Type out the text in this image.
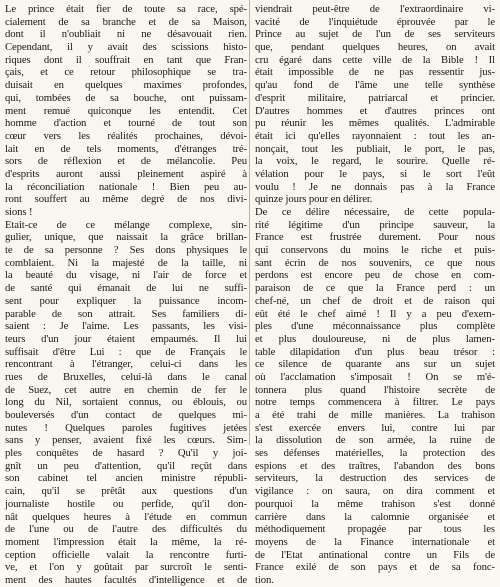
Le prince était fier de toute sa race, spé-
cialement de sa branche et de sa Maison,
dont il n'oubliait ni ne désavouait rien.
Cependant, il y avait des scissions histo-
riques dont il souffrait en tant que Fran-
çais, et ce retour philosophique se tra-
duisait en quelques maximes profondes,
qui, tombées de sa bouche, ont puissam-
ment remué quiconque les entendit. Cet
homme d'action et tourné de tout son
cœur vers les réalités prochaines, dévoi-
lait en de tels moments, d'étranges tré-
sors de réflexion et de mélancolie. Peu
d'esprits auront aussi pleinement aspiré à
la réconciliation nationale ! Bien peu au-
ront souffert au même degré de nos divi-
sions !
Etait-ce de ce mélange complexe, sin-
gulier, unique, que naissait la grâce brillan-
te de sa personne ? Ses dons physiques le
comblaient. Ni la majesté de la taille, ni
la beauté du visage, ni l'air de force et
de santé qui émanait de lui ne suffi-
sent pour expliquer la puissance incom-
parable de son attrait. Ses familiers di-
saient : Je l'aime. Les passants, les visi-
teurs d'un jour étaient empaumés. Il lui
suffisait d'être Lui : que de Français le
rencontrant à l'étranger, celui-ci dans les
rues de Bruxelles, celui-là dans le canal
de Suez, cet autre en chemin de fer le
long du Nil, sortaient connus, ou éblouis, ou
bouleversés d'un contact de quelques mi-
nutes ! Quelques paroles fugitives jetées
sans y penser, avaient fixé les cœurs. Sim-
ples conquêtes de hasard ? Qu'il y joi-
gnît un peu d'attention, qu'il reçût dans
son cabinet tel ancien ministre républi-
cain, qu'il se prêtât aux questions d'un
journaliste hostile ou perfide, qu'il don-
nât quelques heures à l'étude en commun
de l'une ou de l'autre des difficultés du
moment l'impression était la même, la ré-
ception officielle valait la rencontre furti-
ve, et l'on y goûtait par surcroît le senti-
ment des hautes facultés d'intelligence et de
viendrait peut-être de l'extraordinaire vi-
vacité de l'inquiétude éprouvée par le
Prince au sujet de l'un de ses serviteurs
que, pendant quelques heures, on avait
cru égaré dans cette ville de la Bible ! Il
était impossible de ne pas ressentir jus-
qu'au fond de l'âme une telle synthèse
d'esprit militaire, patriarcal et princier.
D'autres hommes et d'autres princes ont
pu réunir les mêmes qualités. L'admirable
était ici qu'elles rayonnaient : tout les an-
nonçait, tout les publiait, le port, le pas,
la voix, le regard, le sourire. Quelle ré-
vélation pour le pays, si le sort l'eût
voulu ! Je ne donnais pas à la France
quinze jours pour en délirer.
De ce délire nécessaire, de cette popula-
rité légitime d'un principe sauveur, la
France est frustrée durement. Pour nous
qui conservons du moins le riche et puis-
sant écrin de nos souvenirs, ce que nous
perdons est encore peu de chose en com-
paraison de ce que la France perd : un
chef-né, un chef de droit et de raison qui
eût été le chef aimé ! Il y a peu d'exem-
ples d'une méconnaissance plus complète
et plus douloureuse, ni de plus lamen-
table dilapidation d'un plus beau trésor :
ce silence de quarante ans sur un sujet
où l'acclamation s'imposait ! On se m'é-
tonnera plus quand l'histoire secrète de
notre temps commencera à filtrer. Le pays
a été trahi de mille manières. La trahison
s'est exercée envers lui, contre lui par
la dissolution de son armée, la ruine de
ses défenses matérielles, la protection des
espions et des traîtres, l'abandon des bons
serviteurs, la destruction des services de
vigilance : on saura, on dira comment et
pourquoi la même trahison s'est donné
carrière dans la calomnie organisée et
méthodiquement propagée par tous les
moyens de la Finance internationale et
de l'Etat antinational contre un Fils de
France exilé de son pays et de sa fonc-
tion.
